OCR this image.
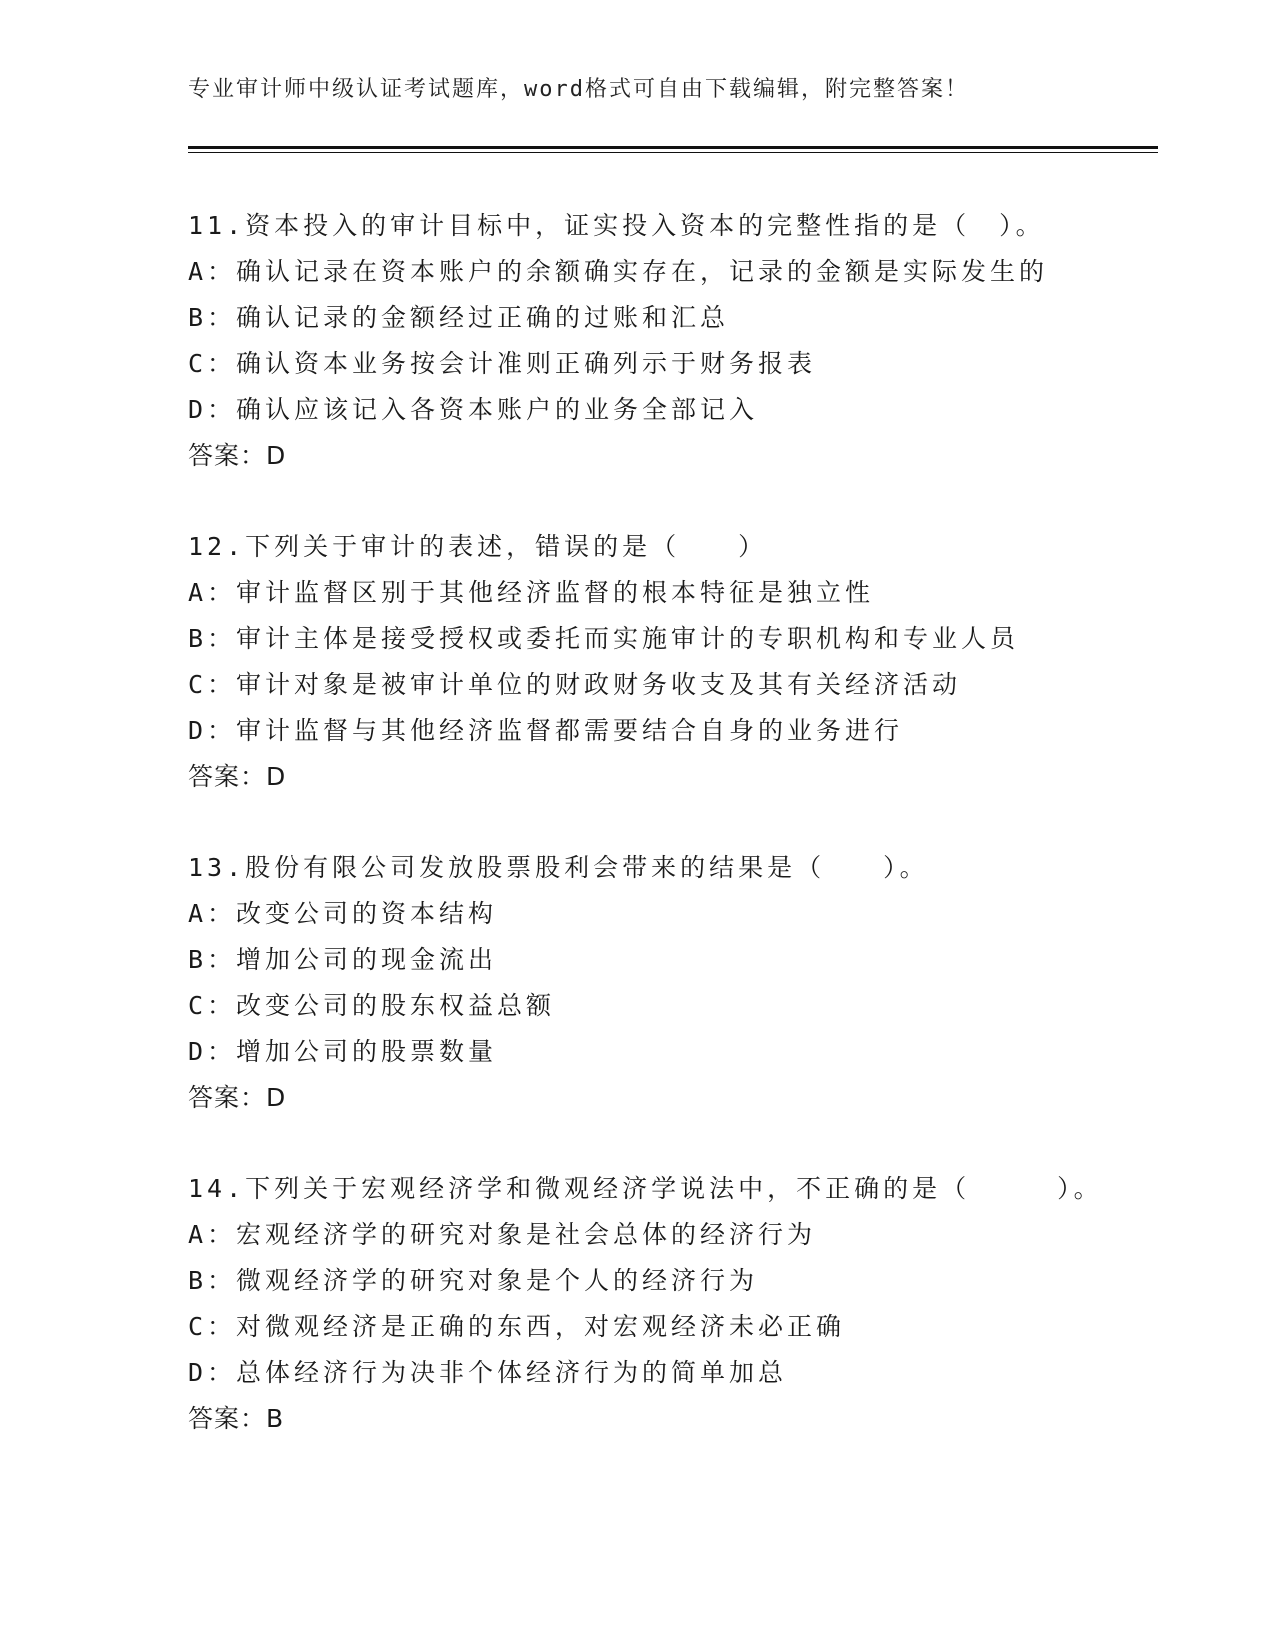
专业审计师中级认证考试题库，word格式可自由下载编辑，附完整答案！
11.资本投入的审计目标中，证实投入资本的完整性指的是（　）。
A：确认记录在资本账户的余额确实存在，记录的金额是实际发生的
B：确认记录的金额经过正确的过账和汇总
C：确认资本业务按会计准则正确列示于财务报表
D：确认应该记入各资本账户的业务全部记入
答案：D
12.下列关于审计的表述，错误的是（　　）
A：审计监督区别于其他经济监督的根本特征是独立性
B：审计主体是接受授权或委托而实施审计的专职机构和专业人员
C：审计对象是被审计单位的财政财务收支及其有关经济活动
D：审计监督与其他经济监督都需要结合自身的业务进行
答案：D
13.股份有限公司发放股票股利会带来的结果是（　　）。
A：改变公司的资本结构
B：增加公司的现金流出
C：改变公司的股东权益总额
D：增加公司的股票数量
答案：D
14.下列关于宏观经济学和微观经济学说法中，不正确的是（　　　）。
A：宏观经济学的研究对象是社会总体的经济行为
B：微观经济学的研究对象是个人的经济行为
C：对微观经济是正确的东西，对宏观经济未必正确
D：总体经济行为决非个体经济行为的简单加总
答案：B
